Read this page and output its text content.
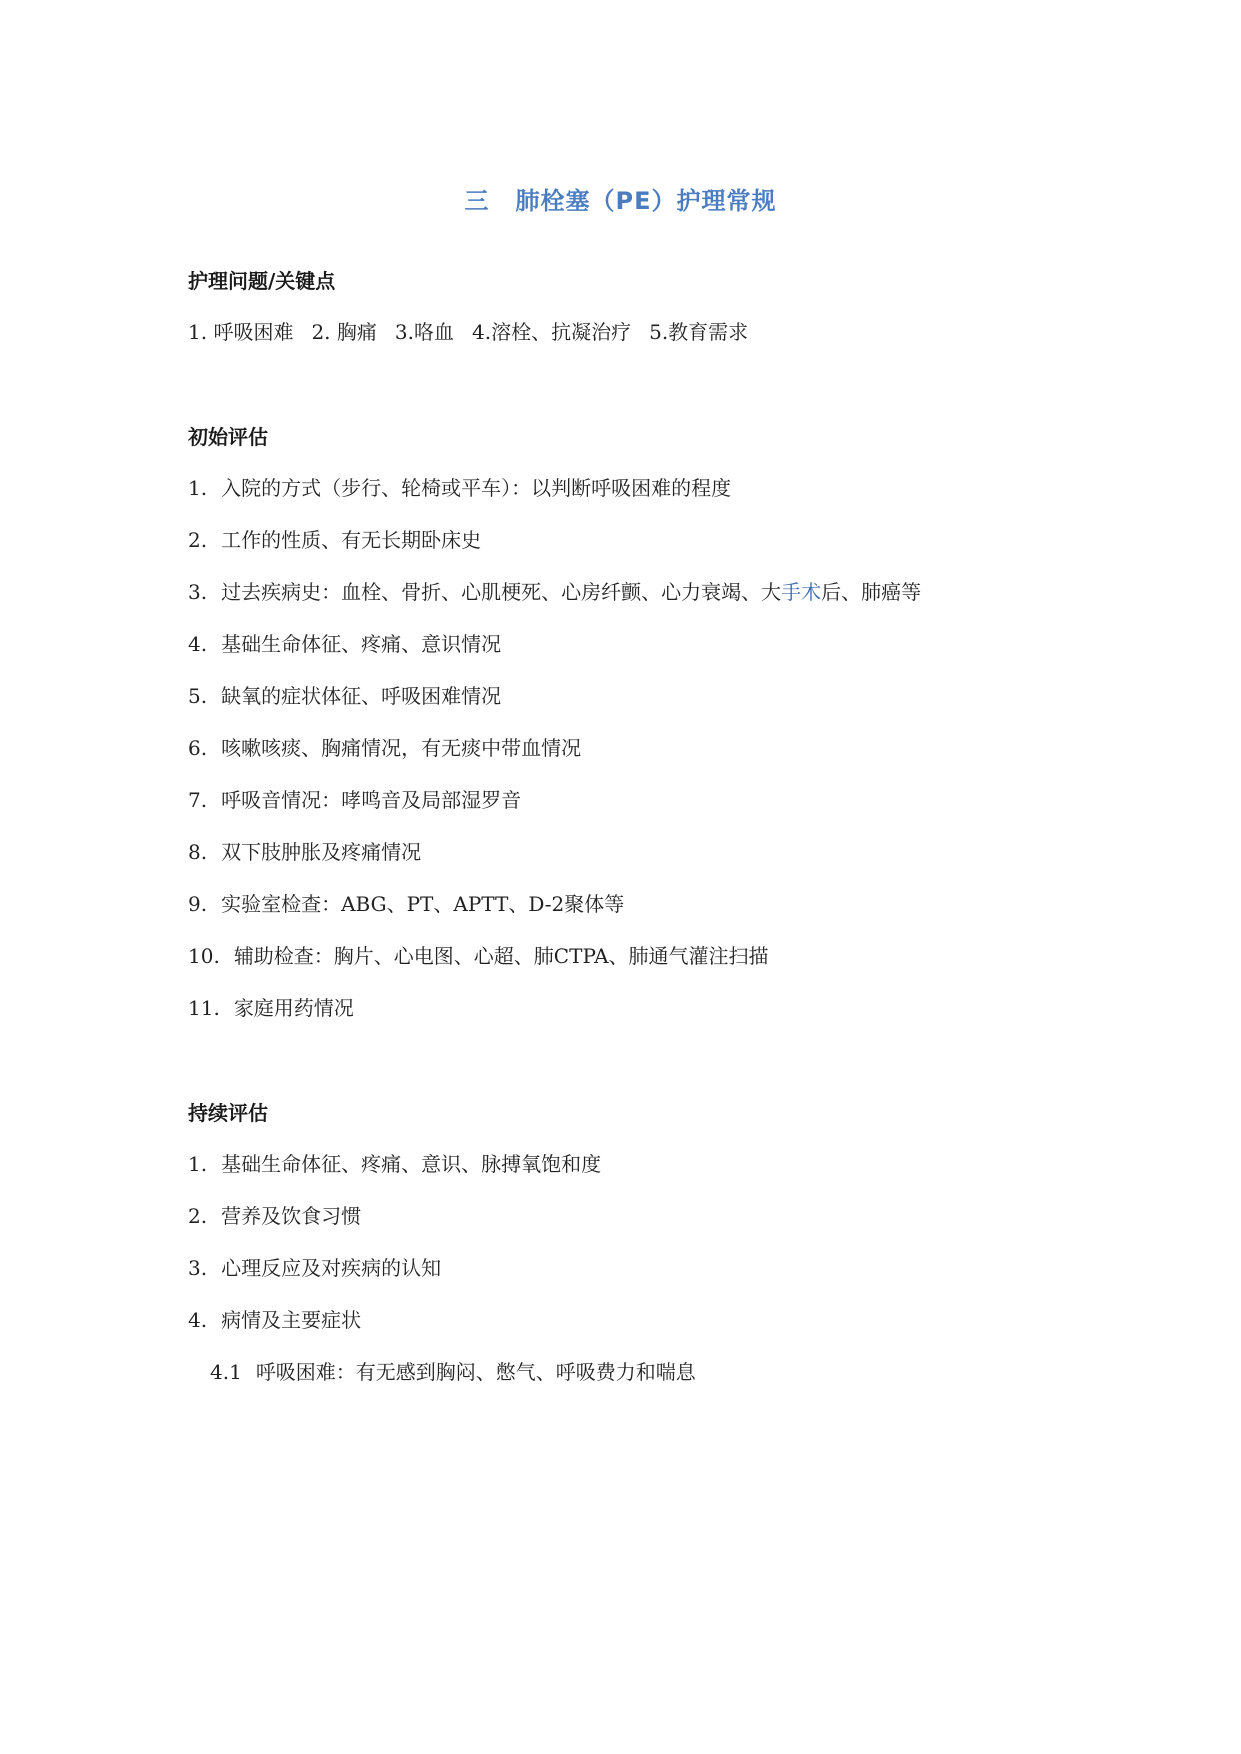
三 肺栓塞（PE）护理常规
护理问题/关键点
1. 呼吸困难 2. 胸痛 3.咯血 4.溶栓、抗凝治疗 5.教育需求
初始评估
1. 入院的方式（步行、轮椅或平车）：以判断呼吸困难的程度
2. 工作的性质、有无长期卧床史
3. 过去疾病史：血栓、骨折、心肌梗死、心房纤颤、心力衰竭、大手术后、肺癌等
4. 基础生命体征、疼痛、意识情况
5. 缺氧的症状体征、呼吸困难情况
6. 咳嗽咳痰、胸痛情况，有无痰中带血情况
7. 呼吸音情况：哮鸣音及局部湿罗音
8. 双下肢肿胀及疼痛情况
9. 实验室检查：ABG、PT、APTT、D-2聚体等
10. 辅助检查：胸片、心电图、心超、肺CTPA、肺通气灌注扫描
11. 家庭用药情况
持续评估
1. 基础生命体征、疼痛、意识、脉搏氧饱和度
2. 营养及饮食习惯
3. 心理反应及对疾病的认知
4. 病情及主要症状
4.1 呼吸困难：有无感到胸闷、憋气、呼吸费力和喘息
